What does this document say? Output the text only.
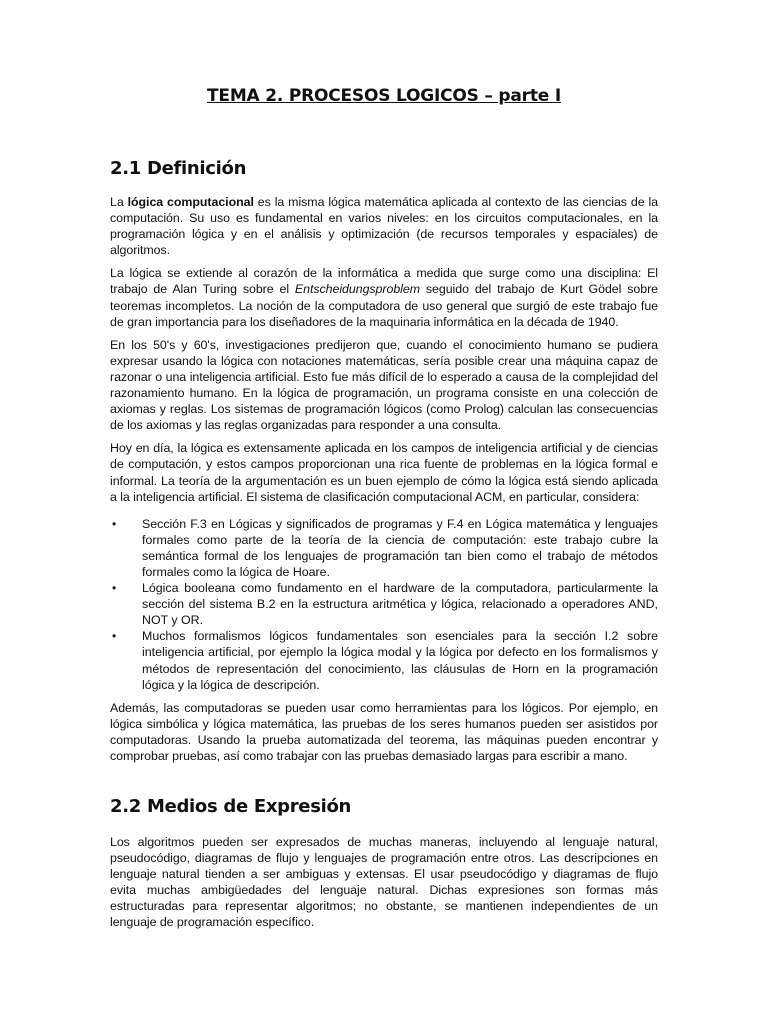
TEMA 2. PROCESOS LOGICOS – parte I
2.1 Definición

La lógica computacional es la misma lógica matemática aplicada al contexto de las ciencias de la computación. Su uso es fundamental en varios niveles: en los circuitos computacionales, en la programación lógica y en el análisis y optimización (de recursos temporales y espaciales) de algoritmos.

La lógica se extiende al corazón de la informática a medida que surge como una disciplina: El trabajo de Alan Turing sobre el Entscheidungsproblem seguido del trabajo de Kurt Gödel sobre teoremas incompletos. La noción de la computadora de uso general que surgió de este trabajo fue de gran importancia para los diseñadores de la maquinaria informática en la década de 1940.

En los 50's y 60's, investigaciones predijeron que, cuando el conocimiento humano se pudiera expresar usando la lógica con notaciones matemáticas, sería posible crear una máquina capaz de razonar o una inteligencia artificial. Esto fue más difícil de lo esperado a causa de la complejidad del razonamiento humano. En la lógica de programación, un programa consiste en una colección de axiomas y reglas. Los sistemas de programación lógicos (como Prolog) calculan las consecuencias de los axiomas y las reglas organizadas para responder a una consulta.

Hoy en día, la lógica es extensamente aplicada en los campos de inteligencia artificial y de ciencias de computación, y estos campos proporcionan una rica fuente de problemas en la lógica formal e informal. La teoría de la argumentación es un buen ejemplo de cómo la lógica está siendo aplicada a la inteligencia artificial. El sistema de clasificación computacional ACM, en particular, considera:

• Sección F.3 en Lógicas y significados de programas y F.4 en Lógica matemática y lenguajes formales como parte de la teoría de la ciencia de computación: este trabajo cubre la semántica formal de los lenguajes de programación tan bien como el trabajo de métodos formales como la lógica de Hoare.
• Lógica booleana como fundamento en el hardware de la computadora, particularmente la sección del sistema B.2 en la estructura aritmética y lógica, relacionado a operadores AND, NOT y OR.
• Muchos formalismos lógicos fundamentales son esenciales para la sección I.2 sobre inteligencia artificial, por ejemplo la lógica modal y la lógica por defecto en los formalismos y métodos de representación del conocimiento, las cláusulas de Horn en la programación lógica y la lógica de descripción.

Además, las computadoras se pueden usar como herramientas para los lógicos. Por ejemplo, en lógica simbólica y lógica matemática, las pruebas de los seres humanos pueden ser asistidos por computadoras. Usando la prueba automatizada del teorema, las máquinas pueden encontrar y comprobar pruebas, así como trabajar con las pruebas demasiado largas para escribir a mano.

2.2 Medios de Expresión

Los algoritmos pueden ser expresados de muchas maneras, incluyendo al lenguaje natural, pseudocódigo, diagramas de flujo y lenguajes de programación entre otros. Las descripciones en lenguaje natural tienden a ser ambiguas y extensas. El usar pseudocódigo y diagramas de flujo evita muchas ambigüedades del lenguaje natural. Dichas expresiones son formas más estructuradas para representar algoritmos; no obstante, se mantienen independientes de un lenguaje de programación específico.
